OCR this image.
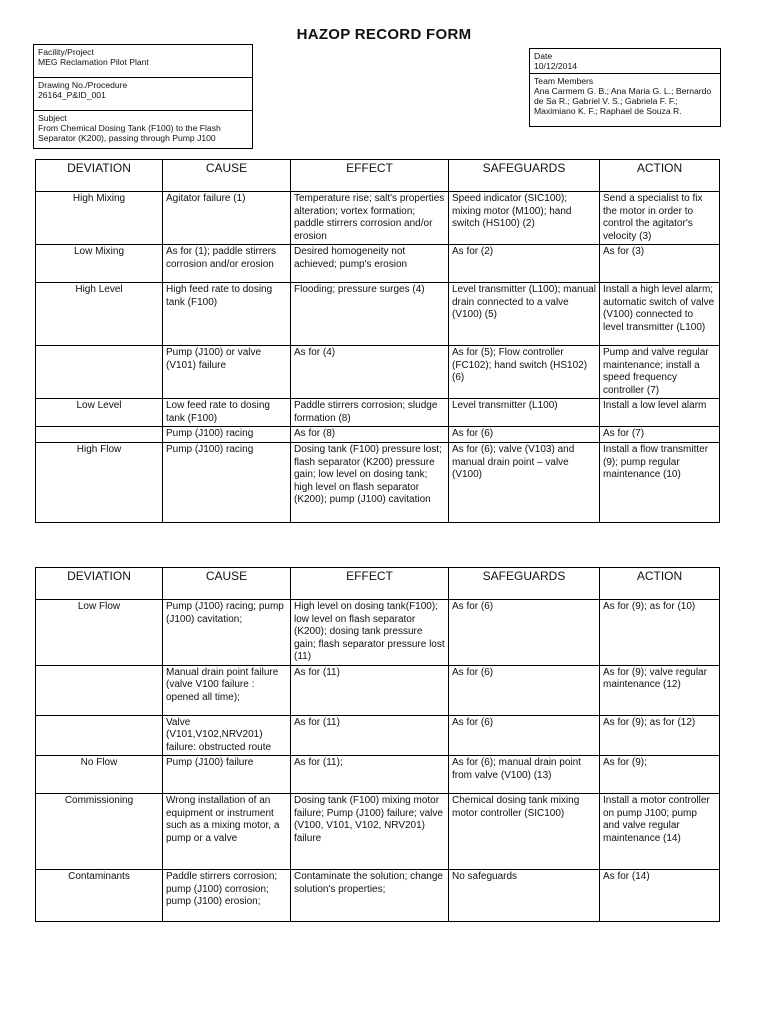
HAZOP RECORD FORM
Facility/Project
MEG Reclamation Pilot Plant
Drawing No./Procedure
26164_P&ID_001
Subject
From Chemical Dosing Tank (F100) to the Flash Separator (K200), passing through Pump J100
Date
10/12/2014
Team Members
Ana Carmem G. B.; Ana Maria G. L.; Bernardo de Sa R.; Gabriel V. S.; Gabriela F. F.; Maximiano K. F.; Raphael de Souza R.
DEVIATION	CAUSE	EFFECT	SAFEGUARDS	ACTION
High Mixing	Agitator failure (1)	Temperature rise; salt's properties alteration; vortex formation; paddle stirrers corrosion and/or erosion	Speed indicator (SIC100); mixing motor (M100); hand switch (HS100) (2)	Send a specialist to fix the motor in order to control the agitator's velocity (3)
Low Mixing	As for (1); paddle stirrers corrosion and/or erosion	Desired homogeneity not achieved; pump's erosion	As for (2)	As for (3)
High Level	High feed rate to dosing tank (F100)	Flooding; pressure surges (4)	Level transmitter (L100); manual drain connected to a valve (V100) (5)	Install a high level alarm; automatic switch of valve (V100) connected to level transmitter (L100)
	Pump (J100) or valve (V101) failure	As for (4)	As for (5); Flow controller (FC102); hand switch (HS102) (6)	Pump and valve regular maintenance; install a speed frequency controller (7)
Low Level	Low feed rate to dosing tank (F100)	Paddle stirrers corrosion; sludge formation (8)	Level transmitter (L100)	Install a low level alarm
	Pump (J100) racing	As for (8)	As for (6)	As for (7)
High Flow	Pump (J100) racing	Dosing tank (F100) pressure lost; flash separator (K200) pressure gain; low level on dosing tank; high level on flash separator (K200); pump (J100) cavitation	As for (6); valve (V103) and manual drain point – valve (V100)	Install a flow transmitter (9); pump regular maintenance (10)
DEVIATION	CAUSE	EFFECT	SAFEGUARDS	ACTION
Low Flow	Pump (J100) racing; pump (J100) cavitation;	High level on dosing tank(F100); low level on flash separator (K200); dosing tank pressure gain; flash separator pressure lost (11)	As for (6)	As for (9); as for (10)
	Manual drain point failure (valve V100 failure : opened all time);	As for (11)	As for (6)	As for (9); valve regular maintenance (12)
	Valve (V101,V102,NRV201) failure: obstructed route	As for (11)	As for (6)	As for (9); as for (12)
No Flow	Pump (J100) failure	As for (11);	As for (6); manual drain point from valve (V100) (13)	As for (9);
Commissioning	Wrong installation of an equipment or instrument such as a mixing motor, a pump or a valve	Dosing tank (F100) mixing motor failure; Pump (J100) failure; valve (V100, V101, V102, NRV201) failure	Chemical dosing tank mixing motor controller (SIC100)	Install a motor controller on pump J100; pump and valve regular maintenance (14)
Contaminants	Paddle stirrers corrosion; pump (J100) corrosion; pump (J100) erosion;	Contaminate the solution; change solution's properties;	No safeguards	As for (14)
